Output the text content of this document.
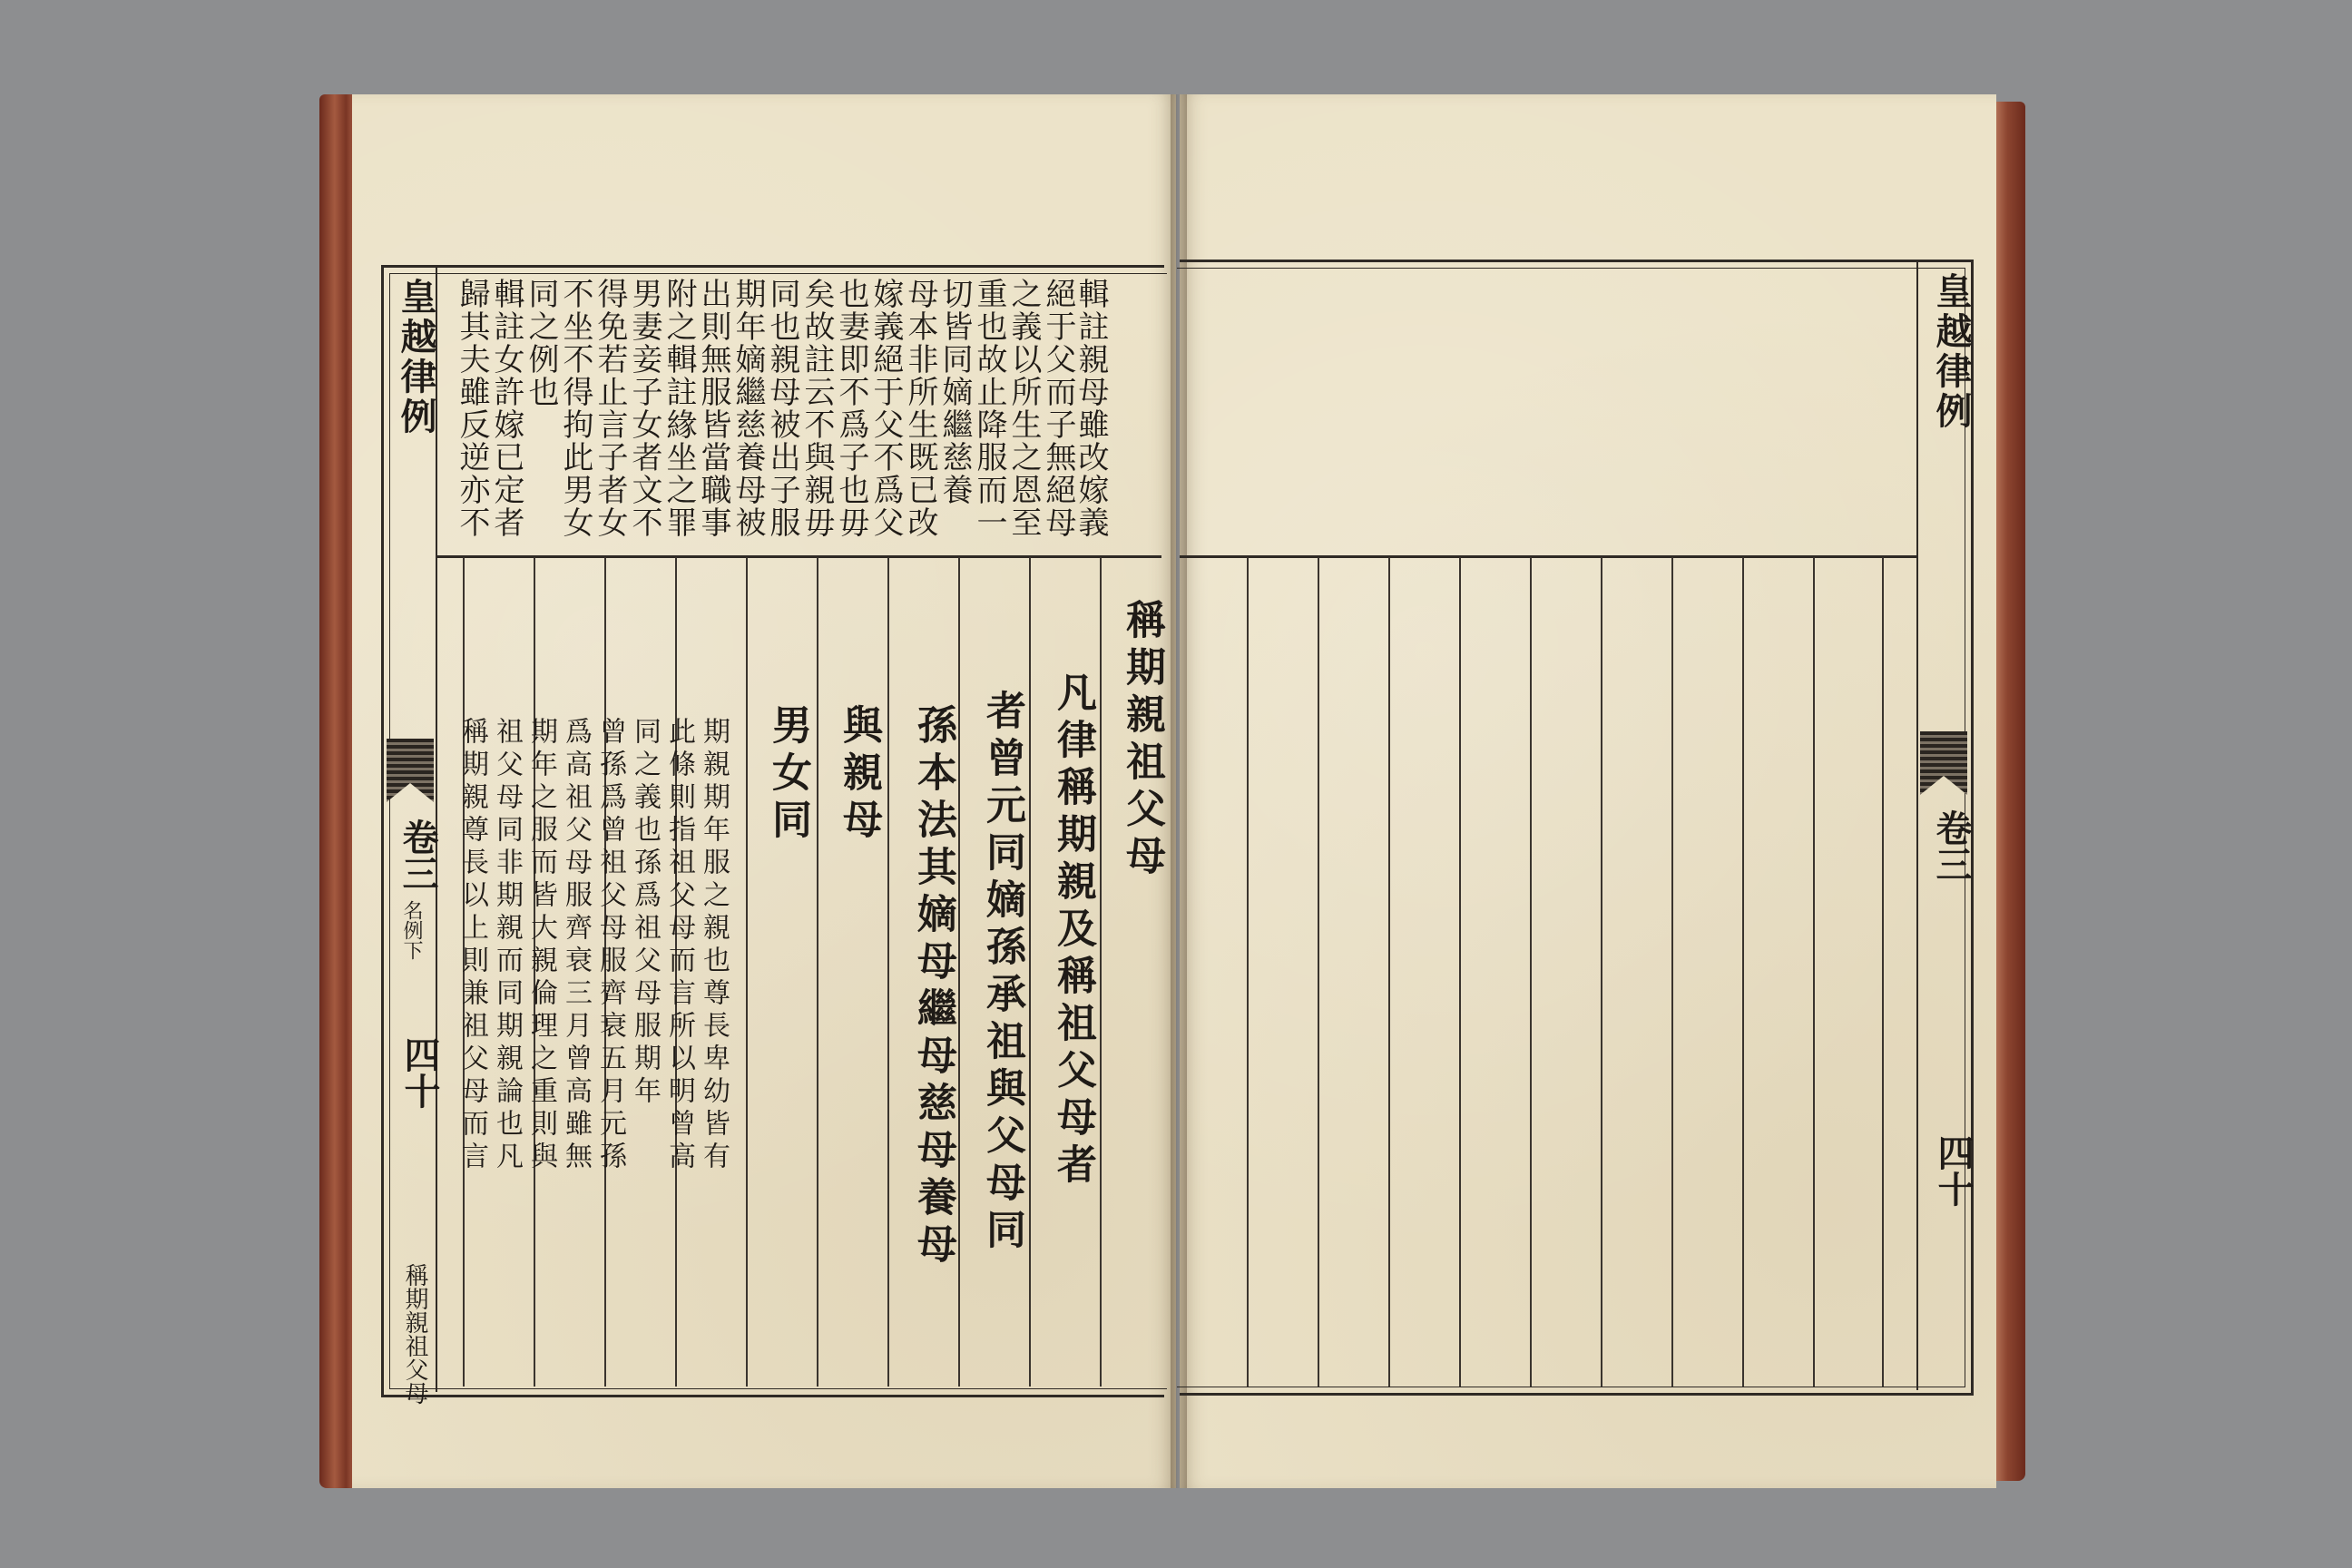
皇越律例
卷三
名例下
四十
稱期親祖父母
輯註親母雖改嫁義
絕于父而子無絕母
之義以所生之恩至
重也故止降服而一
切皆同嫡繼慈養
母本非所生既已改
嫁義絕于父不爲父
也妻即不爲子也毋
矣故註云不與親毋
同也親母被出子服
期年嫡繼慈養母被
出則無服皆當職事
附之輯註緣坐之罪
男妻妾子女者文不
得免若止言子者女
不坐不得拘此男女
同之例也
輯註女許嫁已定者
歸其夫雖反逆亦不
稱期親祖父母
凡律稱期親及稱祖父母者
者曾元同嫡孫承祖與父母同
孫本法其嫡母繼母慈母養母
與親母
男女同
期親期年服之親也尊長卑幼皆有
此條則指祖父母而言所以明曾高
同之義也孫爲祖父母服期年
曾孫爲曾祖父母服齊衰五月元孫
爲高祖父母服齊衰三月曾高雖無
期年之服而皆大親倫理之重則與
祖父母同非期親而同期親論也凡
稱期親尊長以上則兼祖父母而言
皇越律例
卷三
四十
